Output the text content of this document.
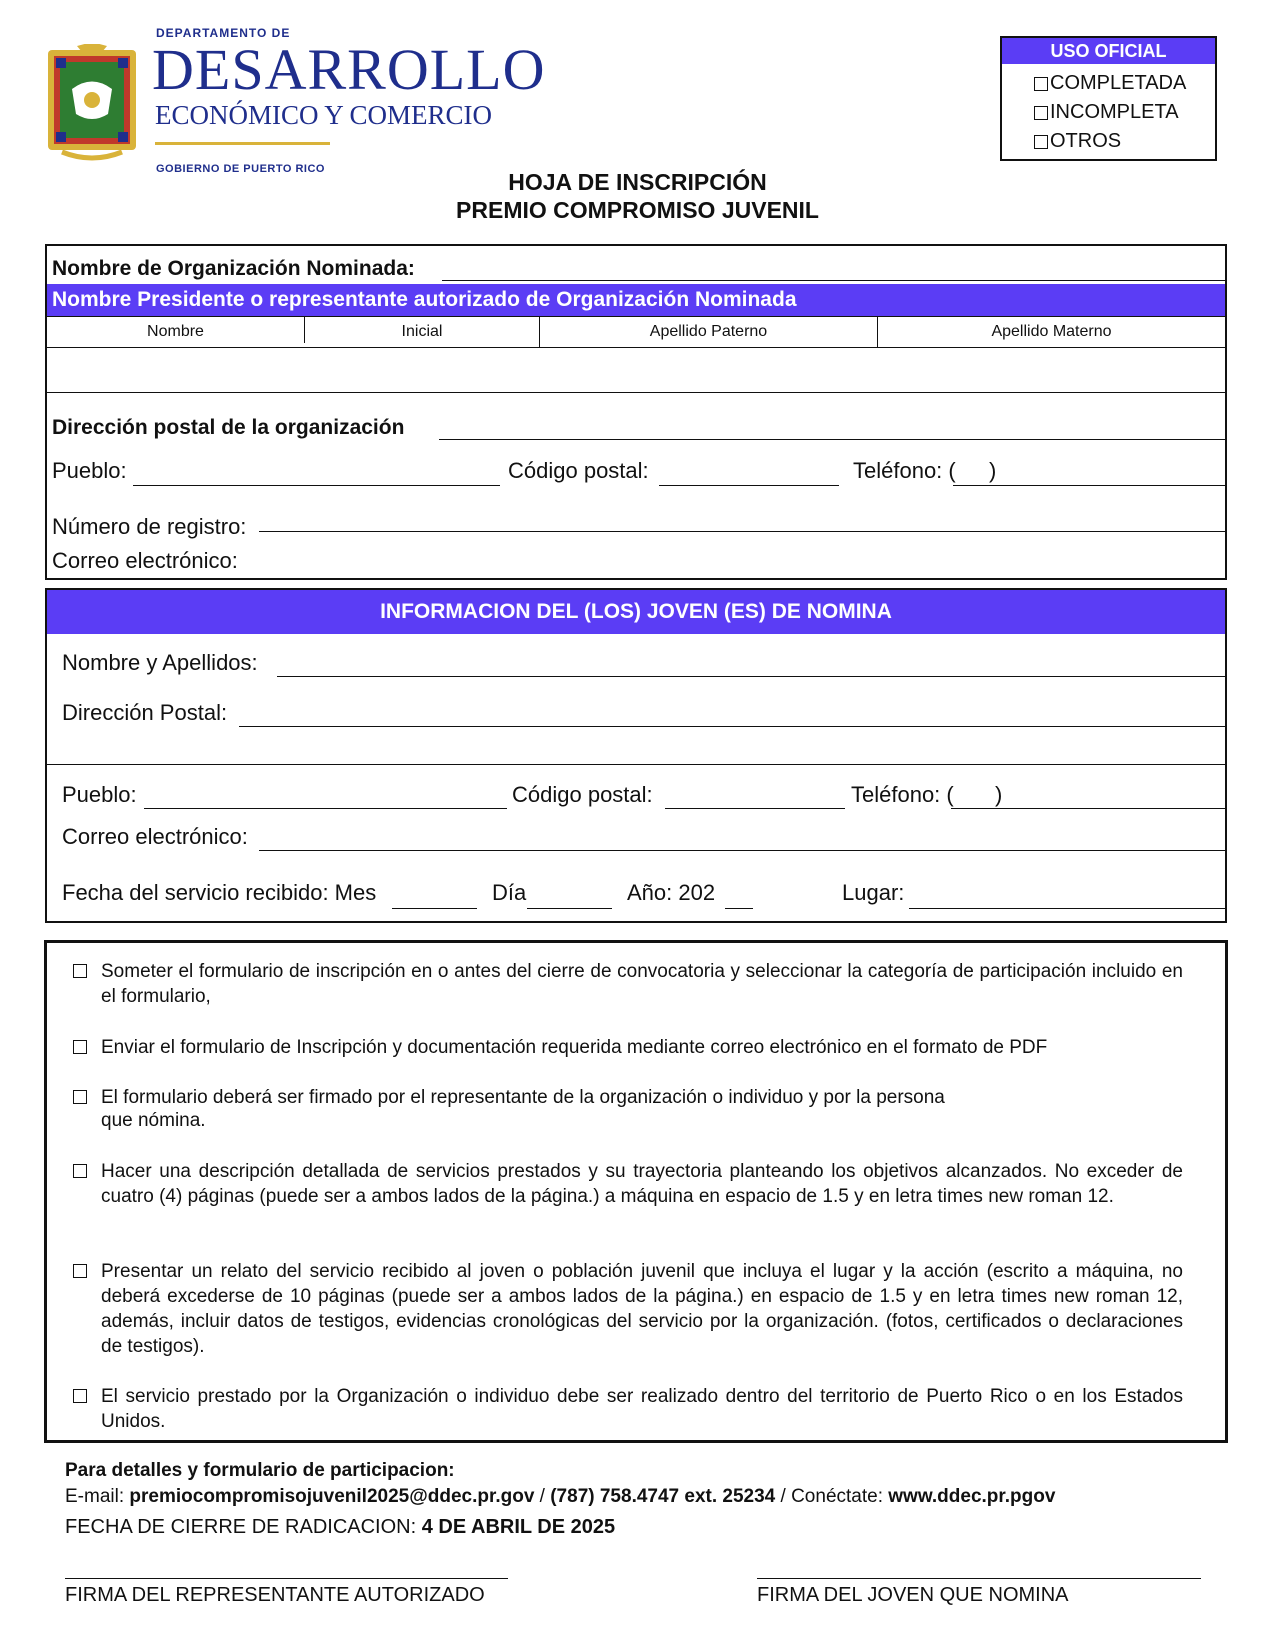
DEPARTAMENTO DE
DESARROLLO
ECONÓMICO Y COMERCIO
GOBIERNO DE PUERTO RICO
USO OFICIAL
COMPLETADA
INCOMPLETA
OTROS
HOJA DE INSCRIPCIÓN
PREMIO COMPROMISO JUVENIL
Nombre de Organización Nominada:
Nombre Presidente o representante autorizado de Organización Nominada
Nombre	Inicial	Apellido Paterno	Apellido Materno
Dirección postal de la organización
Pueblo:	Código postal:	Teléfono: ( )
Número de registro:
Correo electrónico:
INFORMACION DEL (LOS) JOVEN (ES) DE NOMINA
Nombre y Apellidos:
Dirección Postal:
Pueblo:	Código postal:	Teléfono: ( )
Correo electrónico:
Fecha del servicio recibido: Mes	Día	Año: 202	Lugar:
Someter el formulario de inscripción en o antes del cierre de convocatoria y seleccionar la categoría de participación incluido en el formulario,
Enviar el formulario de Inscripción y documentación requerida mediante correo electrónico en el formato de PDF
El formulario deberá ser firmado por el representante de la organización o individuo y por la persona
que nómina.
Hacer una descripción detallada de servicios prestados y su trayectoria planteando los objetivos alcanzados. No exceder de cuatro (4) páginas (puede ser a ambos lados de la página.) a máquina en espacio de 1.5 y en letra times new roman 12.
Presentar un relato del servicio recibido al joven o población juvenil que incluya el lugar y la acción (escrito a máquina, no deberá excederse de 10 páginas (puede ser a ambos lados de la página.) en espacio de 1.5 y en letra times new roman 12, además, incluir datos de testigos, evidencias cronológicas del servicio por la organización. (fotos, certificados o declaraciones de testigos).
El servicio prestado por la Organización o individuo debe ser realizado dentro del territorio de Puerto Rico o en los Estados Unidos.
Para detalles y formulario de participacion:
E-mail: premiocompromisojuvenil2025@ddec.pr.gov / (787) 758.4747 ext. 25234 / Conéctate: www.ddec.pr.pgov
FECHA DE CIERRE DE RADICACION: 4 DE ABRIL DE 2025
FIRMA DEL REPRESENTANTE AUTORIZADO	FIRMA DEL JOVEN QUE NOMINA
